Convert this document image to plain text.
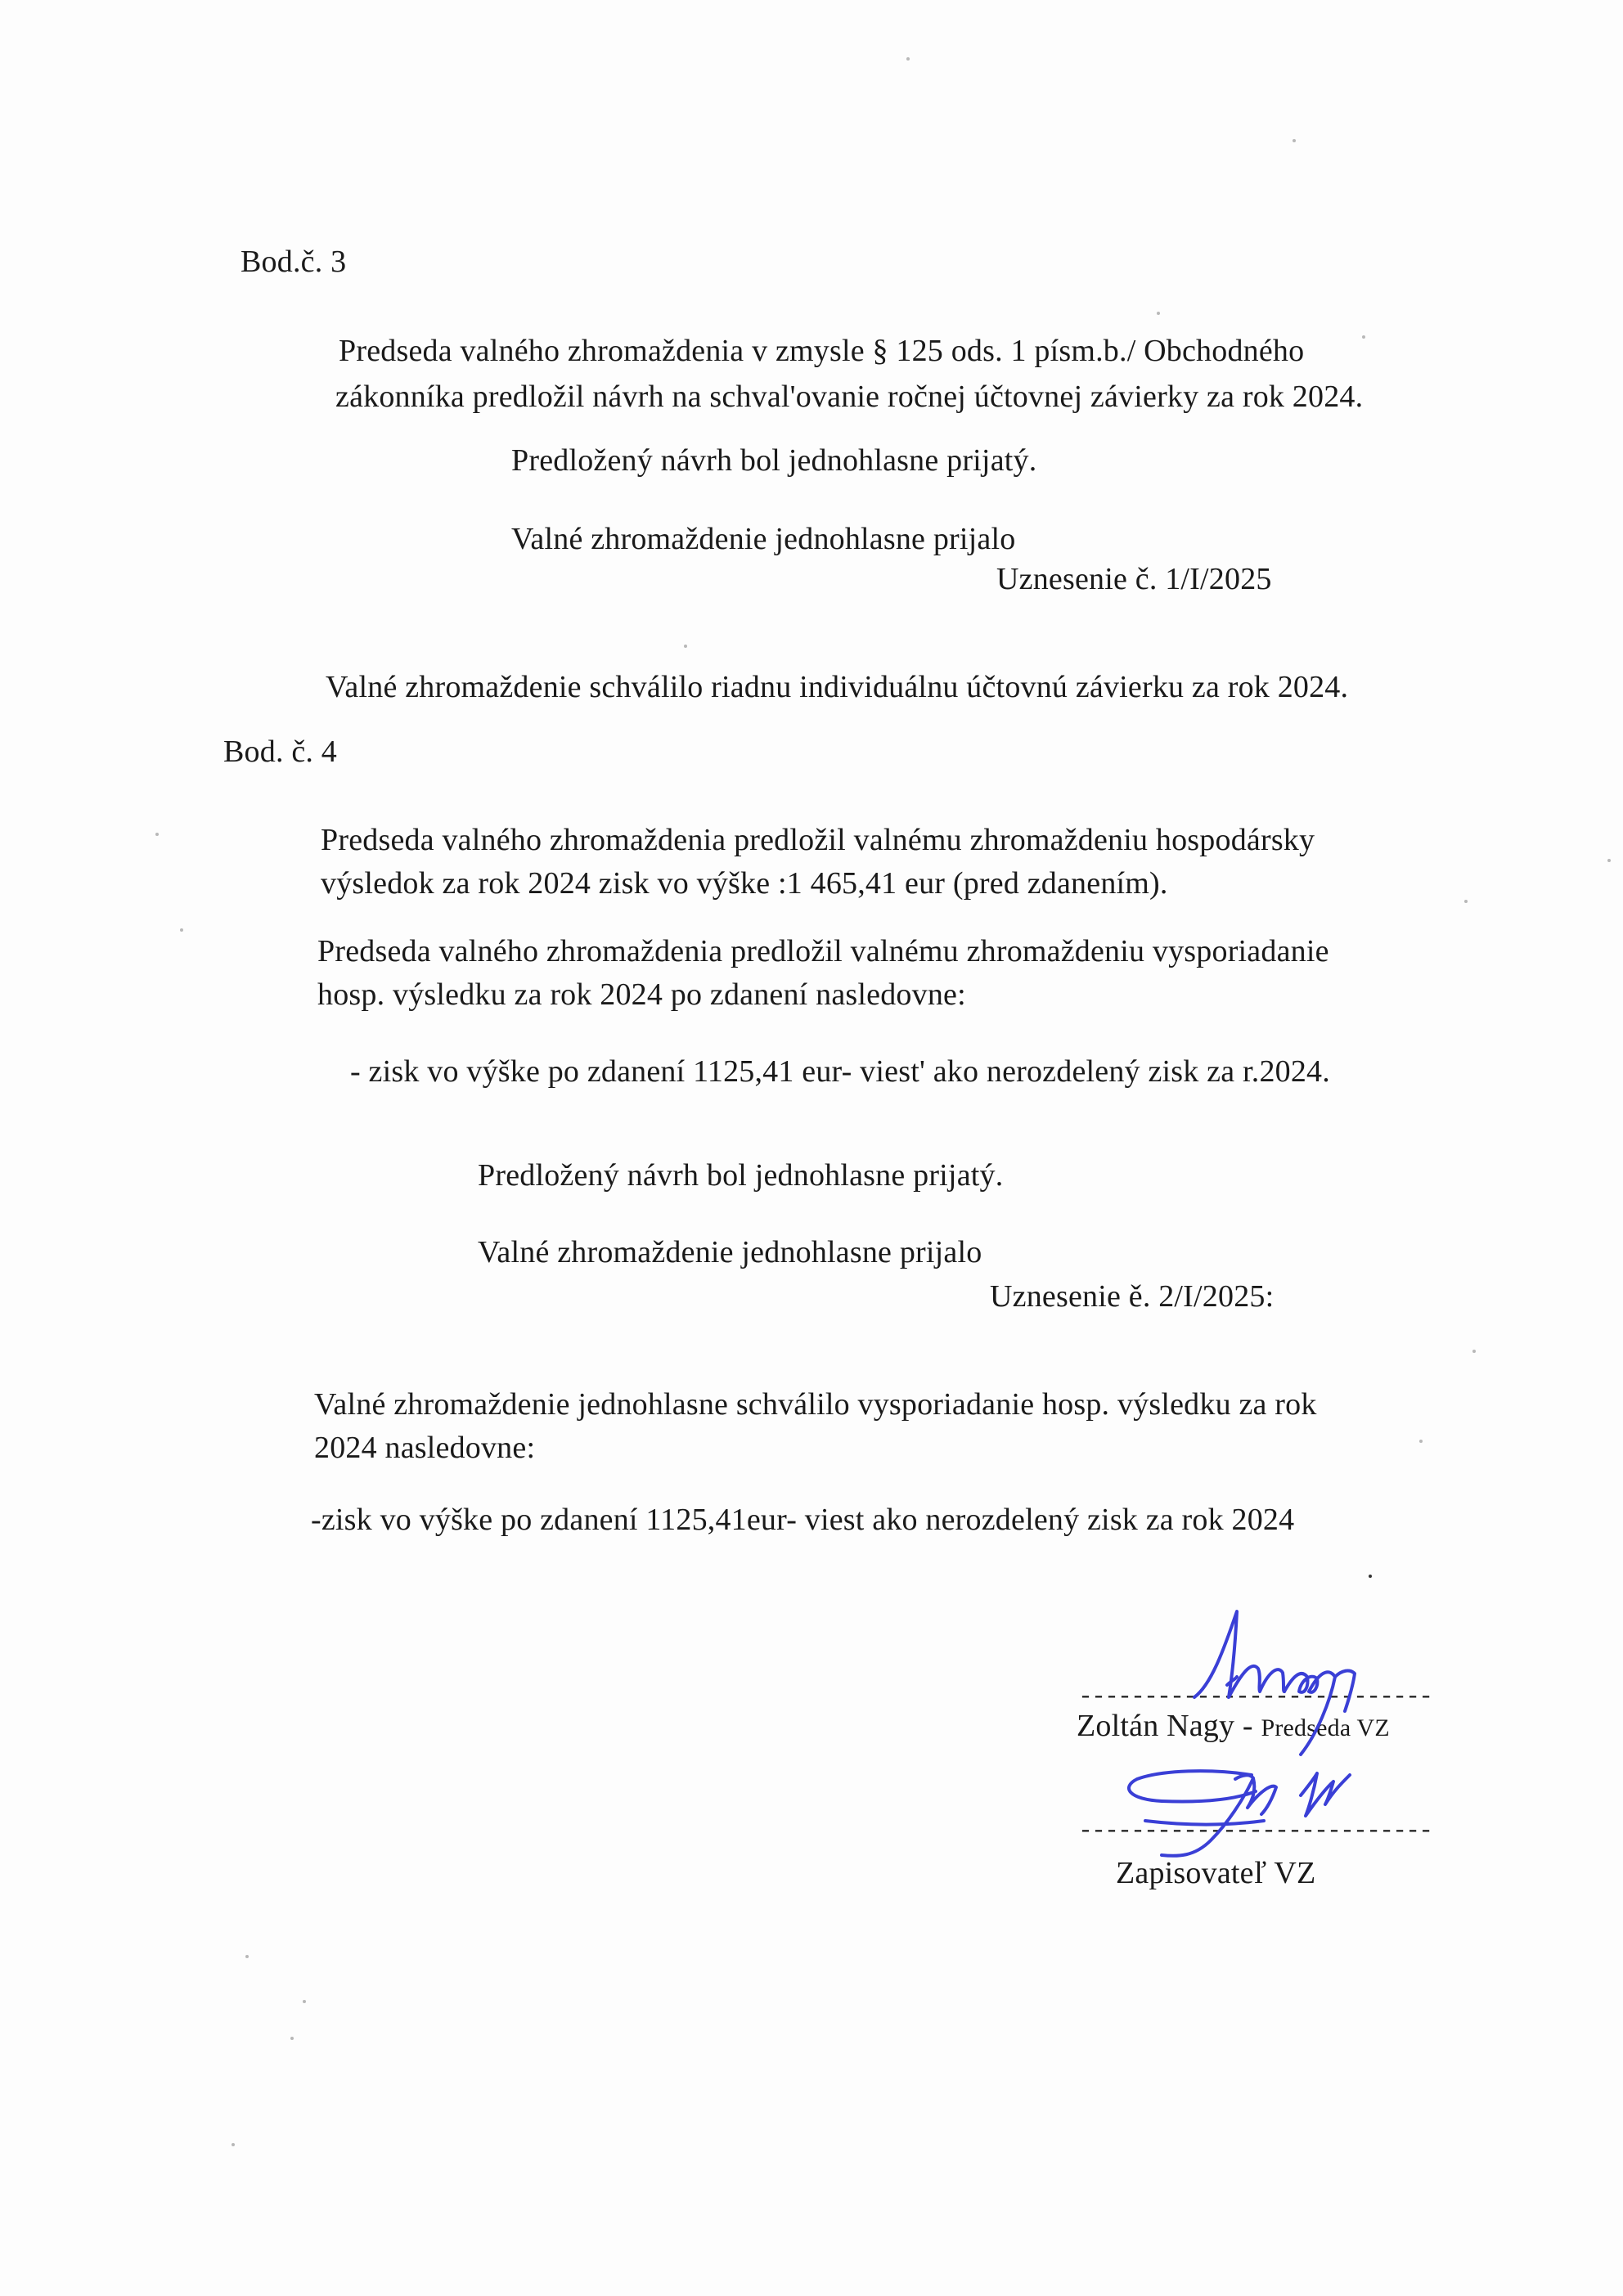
Bod.č. 3
Predseda valného zhromaždenia v zmysle § 125 ods. 1 písm.b./ Obchodného
zákonníka predložil návrh na schval'ovanie ročnej účtovnej závierky za rok 2024.
Predložený návrh bol jednohlasne prijatý.
Valné zhromaždenie jednohlasne prijalo
Uznesenie č. 1/I/2025
Valné zhromaždenie schválilo riadnu individuálnu účtovnú závierku za rok 2024.
Bod. č. 4
Predseda valného zhromaždenia predložil valnému zhromaždeniu hospodársky
výsledok za rok 2024 zisk vo výške :1 465,41 eur (pred zdanením).
Predseda valného zhromaždenia predložil valnému zhromaždeniu vysporiadanie
hosp. výsledku za rok 2024 po zdanení nasledovne:
- zisk vo výške po zdanení 1125,41 eur- viest' ako nerozdelený zisk za r.2024.
Predložený návrh bol jednohlasne prijatý.
Valné zhromaždenie jednohlasne prijalo
Uznesenie ě. 2/I/2025:
Valné zhromaždenie jednohlasne schválilo vysporiadanie hosp. výsledku za rok
2024 nasledovne:
-zisk vo výške po zdanení 1125,41eur- viest ako nerozdelený zisk za rok 2024
---------------------------
Zoltán Nagy - Predseda VZ
---------------------------
Zapisovateľ VZ
